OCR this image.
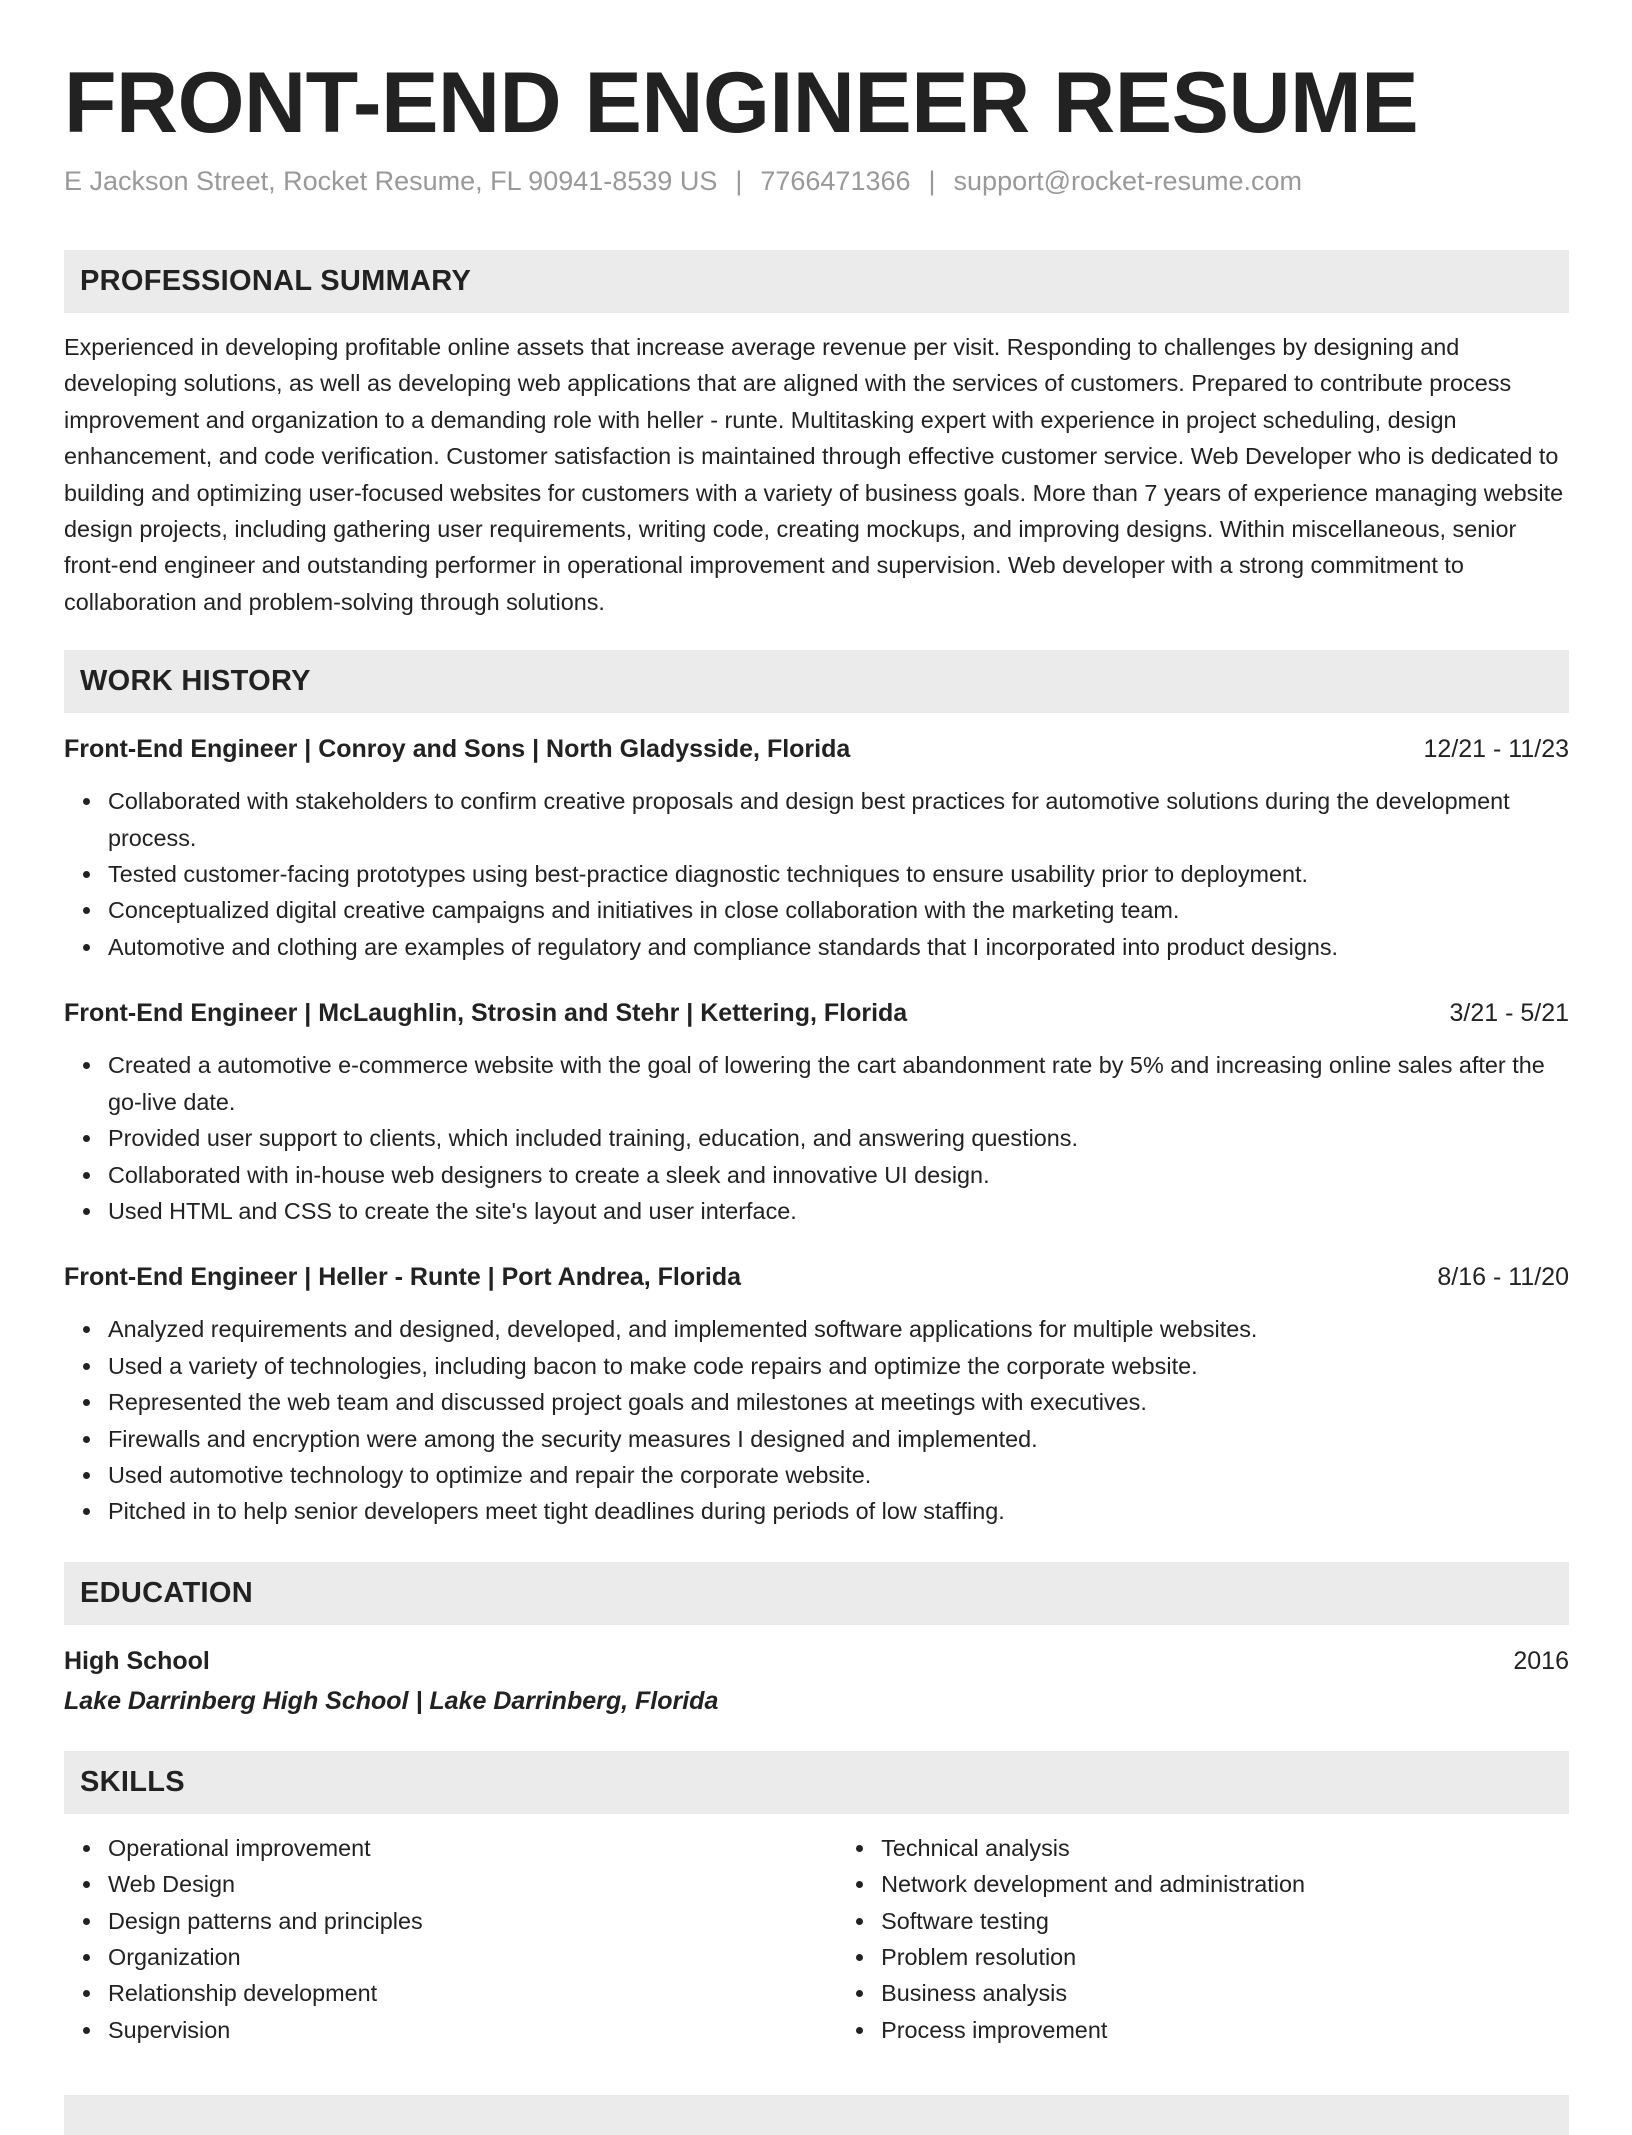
FRONT-END ENGINEER RESUME
E Jackson Street, Rocket Resume, FL 90941-8539 US | 7766471366 | support@rocket-resume.com
PROFESSIONAL SUMMARY

Experienced in developing profitable online assets that increase average revenue per visit. Responding to challenges by designing and developing solutions, as well as developing web applications that are aligned with the services of customers. Prepared to contribute process improvement and organization to a demanding role with heller - runte. Multitasking expert with experience in project scheduling, design enhancement, and code verification. Customer satisfaction is maintained through effective customer service. Web Developer who is dedicated to building and optimizing user-focused websites for customers with a variety of business goals. More than 7 years of experience managing website design projects, including gathering user requirements, writing code, creating mockups, and improving designs. Within miscellaneous, senior front-end engineer and outstanding performer in operational improvement and supervision. Web developer with a strong commitment to collaboration and problem-solving through solutions.

WORK HISTORY
Front-End Engineer | Conroy and Sons | North Gladysside, Florida	12/21 - 11/23
Collaborated with stakeholders to confirm creative proposals and design best practices for automotive solutions during the development process.
Tested customer-facing prototypes using best-practice diagnostic techniques to ensure usability prior to deployment.
Conceptualized digital creative campaigns and initiatives in close collaboration with the marketing team.
Automotive and clothing are examples of regulatory and compliance standards that I incorporated into product designs.
Front-End Engineer | McLaughlin, Strosin and Stehr | Kettering, Florida	3/21 - 5/21
Created a automotive e-commerce website with the goal of lowering the cart abandonment rate by 5% and increasing online sales after the go-live date.
Provided user support to clients, which included training, education, and answering questions.
Collaborated with in-house web designers to create a sleek and innovative UI design.
Used HTML and CSS to create the site's layout and user interface.
Front-End Engineer | Heller - Runte | Port Andrea, Florida	8/16 - 11/20
Analyzed requirements and designed, developed, and implemented software applications for multiple websites.
Used a variety of technologies, including bacon to make code repairs and optimize the corporate website.
Represented the web team and discussed project goals and milestones at meetings with executives.
Firewalls and encryption were among the security measures I designed and implemented.
Used automotive technology to optimize and repair the corporate website.
Pitched in to help senior developers meet tight deadlines during periods of low staffing.
EDUCATION
High School	2016
Lake Darrinberg High School | Lake Darrinberg, Florida
SKILLS
Operational improvement
Web Design
Design patterns and principles
Organization
Relationship development
Supervision
Technical analysis
Network development and administration
Software testing
Problem resolution
Business analysis
Process improvement
